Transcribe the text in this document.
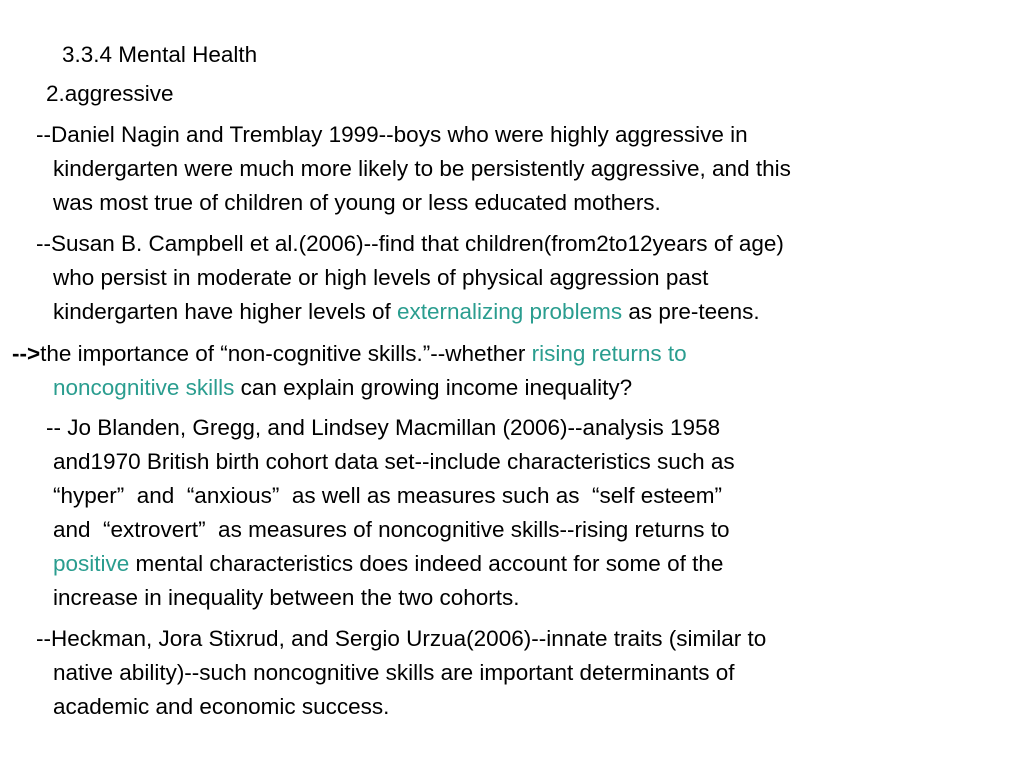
3.3.4 Mental Health
2.aggressive
--Daniel Nagin and Tremblay 1999--boys who were highly aggressive in
kindergarten were much more likely to be persistently aggressive, and this
was most true of children of young or less educated mothers.
--Susan B. Campbell et al.(2006)--find that children(from2to12years of age)
who persist in moderate or high levels of physical aggression past
kindergarten have higher levels of externalizing problems as pre-teens.
-->the importance of “non-cognitive skills.”--whether rising returns to
noncognitive skills can explain growing income inequality?
-- Jo Blanden, Gregg, and Lindsey Macmillan (2006)--analysis 1958
and1970 British birth cohort data set--include characteristics such as
“hyper”  and  “anxious”  as well as measures such as  “self esteem”
and  “extrovert”  as measures of noncognitive skills--rising returns to
positive mental characteristics does indeed account for some of the
increase in inequality between the two cohorts.
--Heckman, Jora Stixrud, and Sergio Urzua(2006)--innate traits (similar to
native ability)--such noncognitive skills are important determinants of
academic and economic success.
